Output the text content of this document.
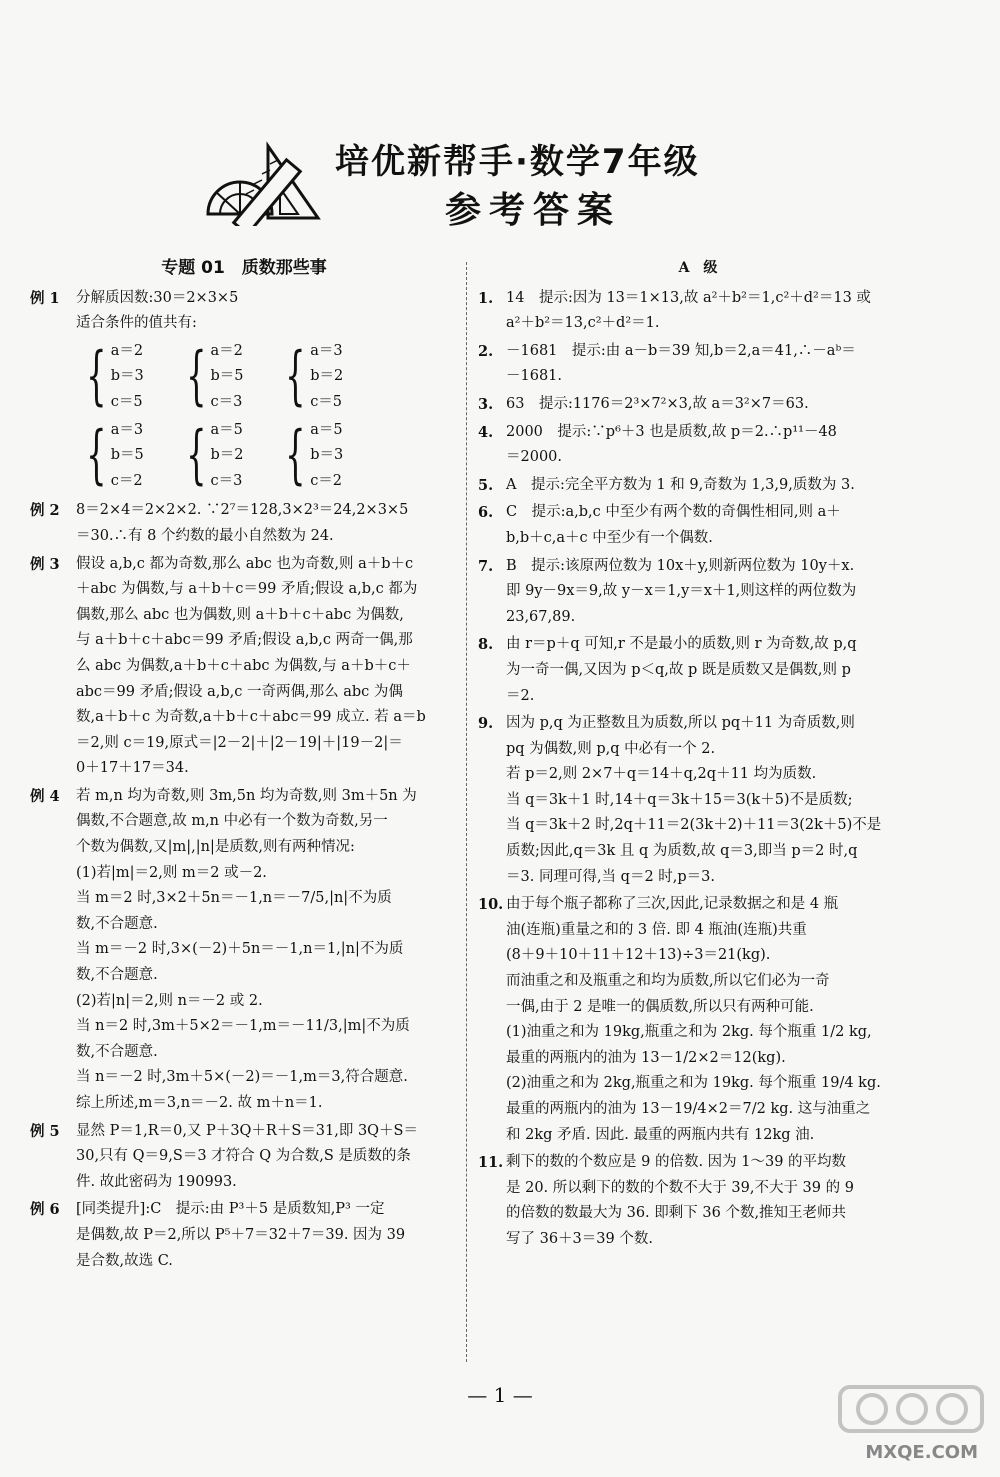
培优新帮手·数学7年级
参考答案
专题 01　质数那些事
例 1	分解质因数:30＝2×3×5
适合条件的值共有:
{ a＝2
b＝3
c＝5 { a＝2
b＝5
c＝3 { a＝3
b＝2
c＝5
{ a＝3
b＝5
c＝2 { a＝5
b＝2
c＝3 { a＝5
b＝3
c＝2
例 2	8＝2×4＝2×2×2. ∵2⁷＝128,3×2³＝24,2×3×5
＝30.∴有 8 个约数的最小自然数为 24.
例 3	假设 a,b,c 都为奇数,那么 abc 也为奇数,则 a＋b＋c
＋abc 为偶数,与 a＋b＋c＝99 矛盾;假设 a,b,c 都为
偶数,那么 abc 也为偶数,则 a＋b＋c＋abc 为偶数,
与 a＋b＋c＋abc＝99 矛盾;假设 a,b,c 两奇一偶,那
么 abc 为偶数,a＋b＋c＋abc 为偶数,与 a＋b＋c＋
abc＝99 矛盾;假设 a,b,c 一奇两偶,那么 abc 为偶
数,a＋b＋c 为奇数,a＋b＋c＋abc＝99 成立. 若 a＝b
＝2,则 c＝19,原式＝|2－2|＋|2－19|＋|19－2|＝
0＋17＋17＝34.
例 4	若 m,n 均为奇数,则 3m,5n 均为奇数,则 3m＋5n 为
偶数,不合题意,故 m,n 中必有一个数为奇数,另一
个数为偶数,又|m|,|n|是质数,则有两种情况:
(1)若|m|＝2,则 m＝2 或－2.
当 m＝2 时,3×2＋5n＝－1,n＝－7/5,|n|不为质
数,不合题意.
当 m＝－2 时,3×(－2)＋5n＝－1,n＝1,|n|不为质
数,不合题意.
(2)若|n|＝2,则 n＝－2 或 2.
当 n＝2 时,3m＋5×2＝－1,m＝－11/3,|m|不为质
数,不合题意.
当 n＝－2 时,3m＋5×(－2)＝－1,m＝3,符合题意.
综上所述,m＝3,n＝－2. 故 m＋n＝1.
例 5	显然 P＝1,R＝0,又 P＋3Q＋R＋S＝31,即 3Q＋S＝
30,只有 Q＝9,S＝3 才符合 Q 为合数,S 是质数的条
件. 故此密码为 190993.
例 6	[同类提升]:C　提示:由 P³＋5 是质数知,P³ 一定
是偶数,故 P＝2,所以 P⁵＋7＝32＋7＝39. 因为 39
是合数,故选 C.
A　级
1. 14　提示:因为 13＝1×13,故 a²＋b²＝1,c²＋d²＝13 或
a²＋b²＝13,c²＋d²＝1.
2. －1681　提示:由 a－b＝39 知,b＝2,a＝41,∴－aᵇ＝
－1681.
3. 63　提示:1176＝2³×7²×3,故 a＝3²×7＝63.
4. 2000　提示:∵p⁶＋3 也是质数,故 p＝2.∴p¹¹－48
＝2000.
5. A　提示:完全平方数为 1 和 9,奇数为 1,3,9,质数为 3.
6. C　提示:a,b,c 中至少有两个数的奇偶性相同,则 a＋
b,b＋c,a＋c 中至少有一个偶数.
7. B　提示:该原两位数为 10x＋y,则新两位数为 10y＋x.
即 9y－9x＝9,故 y－x＝1,y＝x＋1,则这样的两位数为
23,67,89.
8. 由 r＝p＋q 可知,r 不是最小的质数,则 r 为奇数,故 p,q
为一奇一偶,又因为 p＜q,故 p 既是质数又是偶数,则 p
＝2.
9. 因为 p,q 为正整数且为质数,所以 pq＋11 为奇质数,则
pq 为偶数,则 p,q 中必有一个 2.
若 p＝2,则 2×7＋q＝14＋q,2q＋11 均为质数.
当 q＝3k＋1 时,14＋q＝3k＋15＝3(k＋5)不是质数;
当 q＝3k＋2 时,2q＋11＝2(3k＋2)＋11＝3(2k＋5)不是
质数;因此,q＝3k 且 q 为质数,故 q＝3,即当 p＝2 时,q
＝3. 同理可得,当 q＝2 时,p＝3.
10. 由于每个瓶子都称了三次,因此,记录数据之和是 4 瓶
油(连瓶)重量之和的 3 倍. 即 4 瓶油(连瓶)共重
(8＋9＋10＋11＋12＋13)÷3＝21(kg).
而油重之和及瓶重之和均为质数,所以它们必为一奇
一偶,由于 2 是唯一的偶质数,所以只有两种可能.
(1)油重之和为 19kg,瓶重之和为 2kg. 每个瓶重 1/2 kg,
最重的两瓶内的油为 13－1/2×2＝12(kg).
(2)油重之和为 2kg,瓶重之和为 19kg. 每个瓶重 19/4 kg.
最重的两瓶内的油为 13－19/4×2＝7/2 kg. 这与油重之
和 2kg 矛盾. 因此. 最重的两瓶内共有 12kg 油.
11. 剩下的数的个数应是 9 的倍数. 因为 1～39 的平均数
是 20. 所以剩下的数的个数不大于 39,不大于 39 的 9
的倍数的数最大为 36. 即剩下 36 个数,推知王老师共
写了 36＋3＝39 个数.
— 1 —
MXQE.COM
